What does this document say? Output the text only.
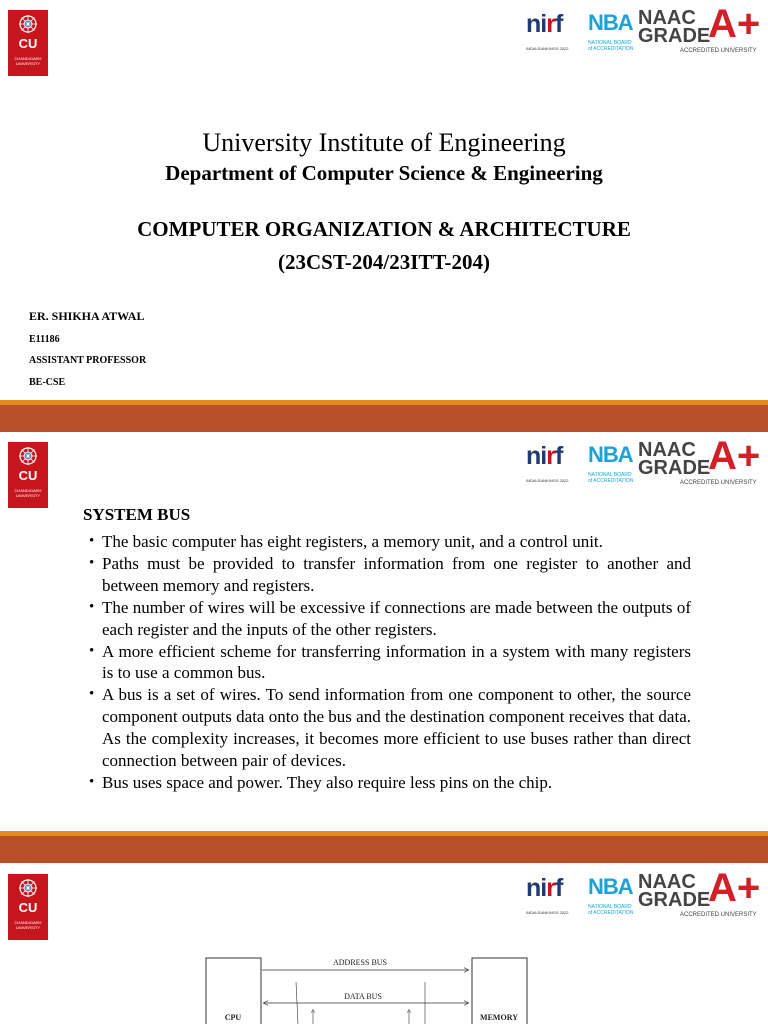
CU
CHANDIGARH UNIVERSITY
nirf
INDIA RANKINGS 2022
NBA
NATIONAL BOARD of ACCREDITATION
NAAC
GRADE
A+
ACCREDITED UNIVERSITY
University Institute of Engineering
Department of Computer Science & Engineering
COMPUTER ORGANIZATION & ARCHITECTURE
(23CST-204/23ITT-204)
ER. SHIKHA ATWAL
E11186
ASSISTANT PROFESSOR
BE-CSE
CU
CHANDIGARH UNIVERSITY
nirf
INDIA RANKINGS 2022
NBA
NATIONAL BOARD of ACCREDITATION
NAAC
GRADE
A+
ACCREDITED UNIVERSITY
SYSTEM BUS
• The basic computer has eight registers, a memory unit, and a control unit.
• Paths must be provided to transfer information from one register to another and between memory and registers.
• The number of wires will be excessive if connections are made between the outputs of each register and the inputs of the other registers.
• A more efficient scheme for transferring information in a system with many registers is to use a common bus.
• A bus is a set of wires. To send information from one component to other, the source component outputs data onto the bus and the destination component receives that data. As the complexity increases, it becomes more efficient to use buses rather than direct connection between pair of devices.
• Bus uses space and power. They also require less pins on the chip.
CU
CHANDIGARH UNIVERSITY
nirf
INDIA RANKINGS 2022
NBA
NATIONAL BOARD of ACCREDITATION
NAAC
GRADE
A+
ACCREDITED UNIVERSITY
ADDRESS BUS
DATA BUS
CPU	MEMORY
